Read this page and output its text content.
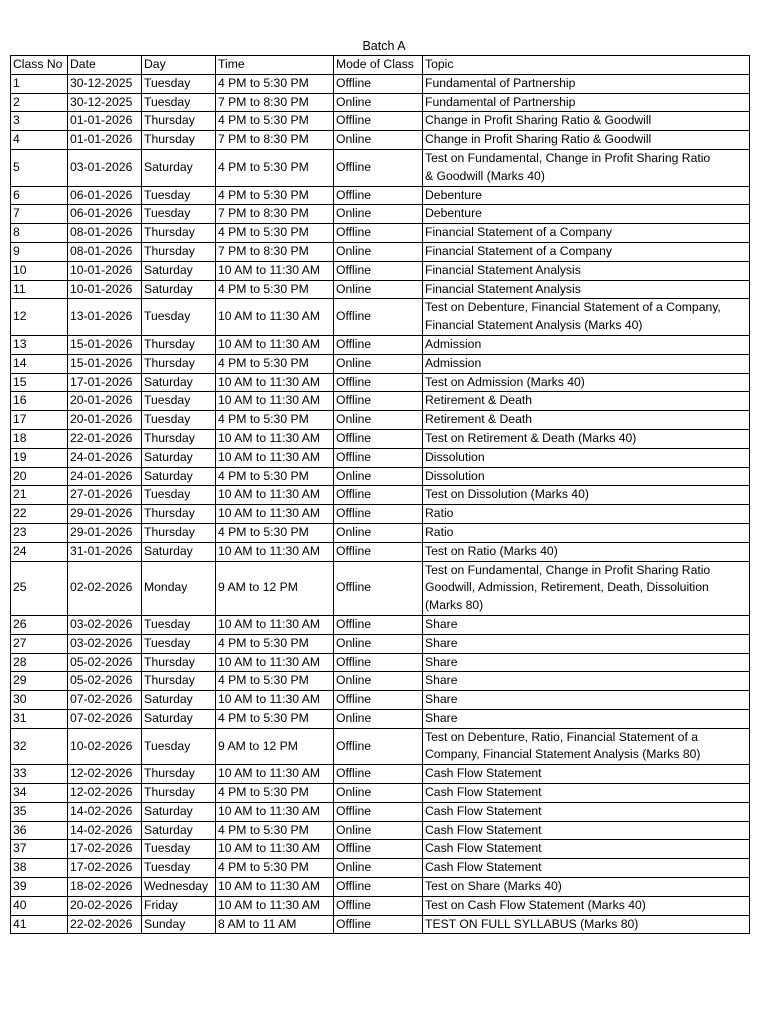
Batch A
Class No	Date	Day	Time	Mode of Class	Topic
1	30-12-2025	Tuesday	4 PM to 5:30 PM	Offline	Fundamental of Partnership

2	30-12-2025	Tuesday	7 PM to 8:30 PM	Online	Fundamental of Partnership

3	01-01-2026	Thursday	4 PM to 5:30 PM	Offline	Change in Profit Sharing Ratio & Goodwill

4	01-01-2026	Thursday	7 PM to 8:30 PM	Online	Change in Profit Sharing Ratio & Goodwill

5	03-01-2026	Saturday	4 PM to 5:30 PM	Offline	Test on Fundamental, Change in Profit Sharing Ratio
& Goodwill (Marks 40)

6	06-01-2026	Tuesday	4 PM to 5:30 PM	Offline	Debenture

7	06-01-2026	Tuesday	7 PM to 8:30 PM	Online	Debenture

8	08-01-2026	Thursday	4 PM to 5:30 PM	Offline	Financial Statement of a Company

9	08-01-2026	Thursday	7 PM to 8:30 PM	Online	Financial Statement of a Company

10	10-01-2026	Saturday	10 AM to 11:30 AM	Offline	Financial Statement Analysis

11	10-01-2026	Saturday	4 PM to 5:30 PM	Online	Financial Statement Analysis

12	13-01-2026	Tuesday	10 AM to 11:30 AM	Offline	Test on Debenture, Financial Statement of a Company,
Financial Statement Analysis (Marks 40)

13	15-01-2026	Thursday	10 AM to 11:30 AM	Offline	Admission

14	15-01-2026	Thursday	4 PM to 5:30 PM	Online	Admission

15	17-01-2026	Saturday	10 AM to 11:30 AM	Offline	Test on Admission (Marks 40)

16	20-01-2026	Tuesday	10 AM to 11:30 AM	Offline	Retirement & Death

17	20-01-2026	Tuesday	4 PM to 5:30 PM	Online	Retirement & Death

18	22-01-2026	Thursday	10 AM to 11:30 AM	Offline	Test on Retirement & Death (Marks 40)

19	24-01-2026	Saturday	10 AM to 11:30 AM	Offline	Dissolution

20	24-01-2026	Saturday	4 PM to 5:30 PM	Online	Dissolution

21	27-01-2026	Tuesday	10 AM to 11:30 AM	Offline	Test on Dissolution (Marks 40)

22	29-01-2026	Thursday	10 AM to 11:30 AM	Offline	Ratio

23	29-01-2026	Thursday	4 PM to 5:30 PM	Online	Ratio

24	31-01-2026	Saturday	10 AM to 11:30 AM	Offline	Test on Ratio (Marks 40)

25	02-02-2026	Monday	9 AM to 12 PM	Offline	Test on Fundamental, Change in Profit Sharing Ratio
Goodwill, Admission, Retirement, Death, Dissoluition
(Marks 80)

26	03-02-2026	Tuesday	10 AM to 11:30 AM	Offline	Share

27	03-02-2026	Tuesday	4 PM to 5:30 PM	Online	Share

28	05-02-2026	Thursday	10 AM to 11:30 AM	Offline	Share

29	05-02-2026	Thursday	4 PM to 5:30 PM	Online	Share

30	07-02-2026	Saturday	10 AM to 11:30 AM	Offline	Share

31	07-02-2026	Saturday	4 PM to 5:30 PM	Online	Share

32	10-02-2026	Tuesday	9 AM to 12 PM	Offline	Test on Debenture, Ratio, Financial Statement of a
Company, Financial Statement Analysis (Marks 80)

33	12-02-2026	Thursday	10 AM to 11:30 AM	Offline	Cash Flow Statement

34	12-02-2026	Thursday	4 PM to 5:30 PM	Online	Cash Flow Statement

35	14-02-2026	Saturday	10 AM to 11:30 AM	Offline	Cash Flow Statement

36	14-02-2026	Saturday	4 PM to 5:30 PM	Online	Cash Flow Statement

37	17-02-2026	Tuesday	10 AM to 11:30 AM	Offline	Cash Flow Statement

38	17-02-2026	Tuesday	4 PM to 5:30 PM	Online	Cash Flow Statement

39	18-02-2026	Wednesday	10 AM to 11:30 AM	Offline	Test on Share (Marks 40)

40	20-02-2026	Friday	10 AM to 11:30 AM	Offline	Test on Cash Flow Statement (Marks 40)

41	22-02-2026	Sunday	8 AM to 11 AM	Offline	TEST ON FULL SYLLABUS (Marks 80)
